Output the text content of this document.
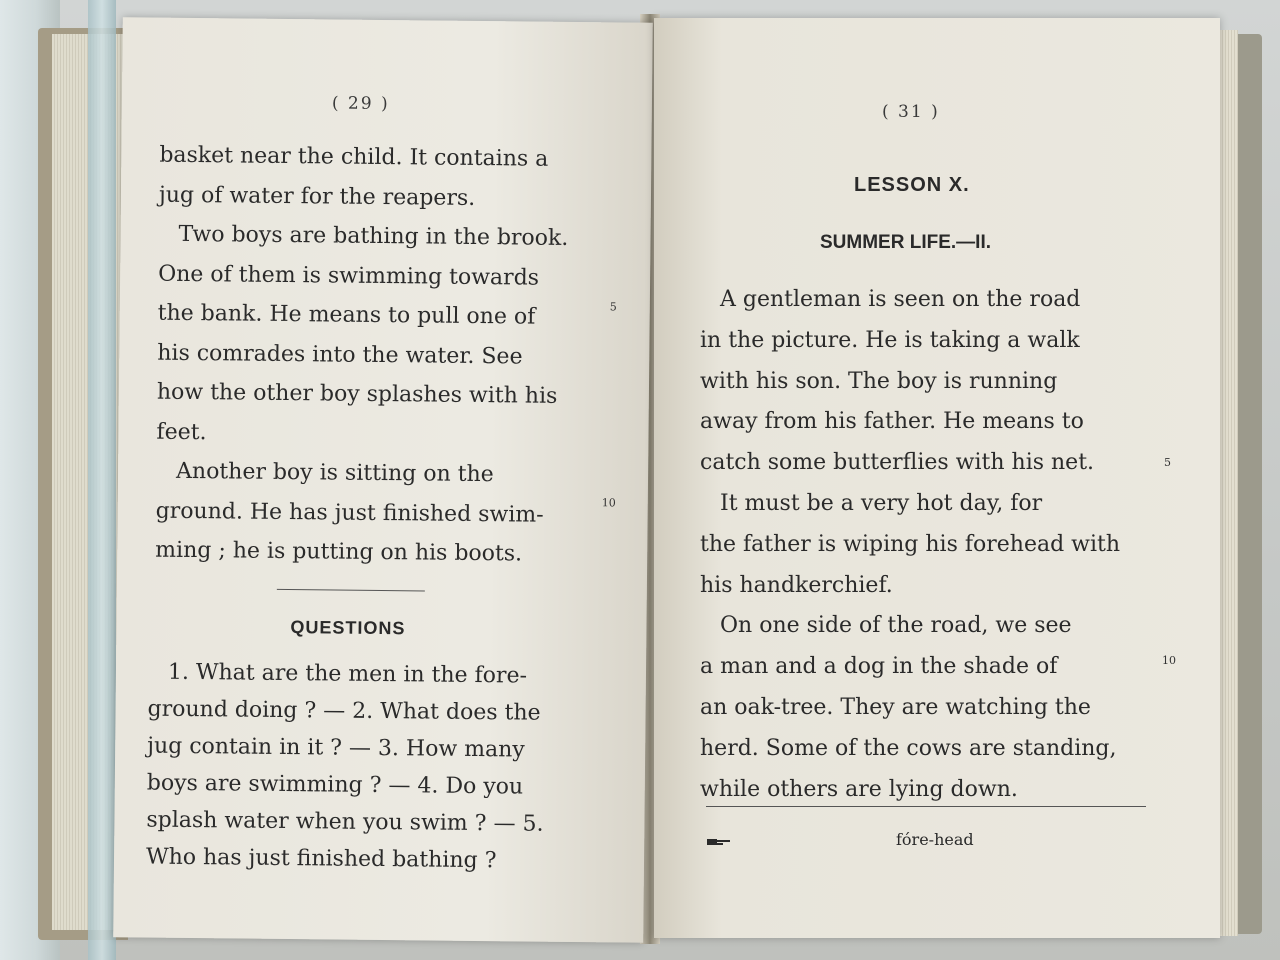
( 29 )
basket near the child. It contains a
jug of water for the reapers.
Two boys are bathing in the brook.
One of them is swimming towards
the bank. He means to pull one of
his comrades into the water. See
how the other boy splashes with his
feet.
Another boy is sitting on the
ground. He has just finished swim-
ming ; he is putting on his boots.
5
10
QUESTIONS
1. What are the men in the fore-
ground doing ? — 2. What does the
jug contain in it ? — 3. How many
boys are swimming ? — 4. Do you
splash water when you swim ? — 5.
Who has just finished bathing ?
( 31 )
LESSON X.
SUMMER LIFE.—II.
A gentleman is seen on the road
in the picture. He is taking a walk
with his son. The boy is running
away from his father. He means to
catch some butterflies with his net.
It must be a very hot day, for
the father is wiping his forehead with
his handkerchief.
On one side of the road, we see
a man and a dog in the shade of
an oak-tree. They are watching the
herd. Some of the cows are standing,
while others are lying down.
5
10
fóre-head
